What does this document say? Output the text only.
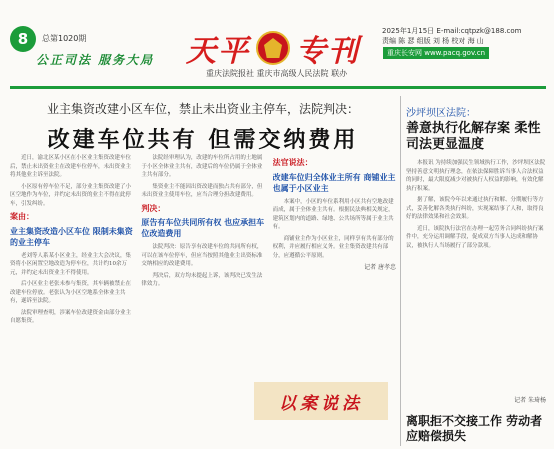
8	总第1020期
公正司法 服务大局 天平 专刊
重庆法院报社 重庆市高级人民法院 联办
2025年1月15日 E-mail:cqtpzk@188.com
责编 陈 瑟 组版 刘 杨 校对 海 山
重庆长安网 www.pacq.gov.cn
业主集资改建小区车位，禁止未出资业主停车，法院判决：
改建车位共有 但需交纳费用

近日，渝北区某小区在小区业主集资改建车位后，禁止未出资业主在改建车位停车，未出资业主将其他业主诉至法院。

小区原有停车位不足，部分业主集资改建了小区空地作为车位，并约定未出资的业主不得在此停车，引发纠纷。

案由：
业主集资改造小区车位 限制未集资的业主停车

老刘等人系某小区业主，经业主大会决议，集资将小区闲置空地改造为停车位，共计约10余万元，并约定未出资业主不得使用。

后小区业主老张未参与集资，其车辆被禁止在改建车位停放。老张认为小区空地系全体业主共有，遂诉至法院。

法院审理查明，涉案车位改建资金由部分业主自愿集资。

法院经审理认为，改建的车位所占用的土地属于小区全体业主共有，改建后的车位仍属于全体业主共有部分。

集资业主不能因出资改建而独占共有部分，但未出资业主使用车位，应当合理分担改建费用。

判决：
原告有车位共同所有权 也应承担车位改造费用

法院判决：原告享有改建车位的共同所有权，可以在该车位停车，但应当按照其他业主出资标准交纳相应的改建费用。

判决后，双方均未提起上诉，该判决已发生法律效力。

法官说法：
改建车位归全体业主所有 商铺业主也属于小区业主

本案中，小区的车位系利用小区共有空地改建而成，属于全体业主共有。根据民法典相关规定，建筑区划内的道路、绿地、公共场所等属于业主共有。

商铺业主作为小区业主，同样享有共有部分的权利，并应履行相应义务。业主集资改建共有部分，应遵循公平原则。

记者 唐孝忠
以案说法
沙坪坝区法院：
善意执行化解存案 柔性司法更显温度

本报讯 为持续加强民生领域执行工作，沙坪坝区法院坚持善意文明执行理念，在依法保障胜诉当事人合法权益的同时，最大限度减少对被执行人权益的影响，有效化解执行积案。

据了解，该院今年以来通过执行和解、分期履行等方式，妥善化解各类执行纠纷，实现案结事了人和，取得良好的法律效果和社会效果。

近日，该院执行法官在办理一起劳务合同纠纷执行案件中，充分运用调解手段，促成双方当事人达成和解协议，被执行人当场履行了部分款项。

记者 朱琦杨
离职拒不交接工作 劳动者应赔偿损失
